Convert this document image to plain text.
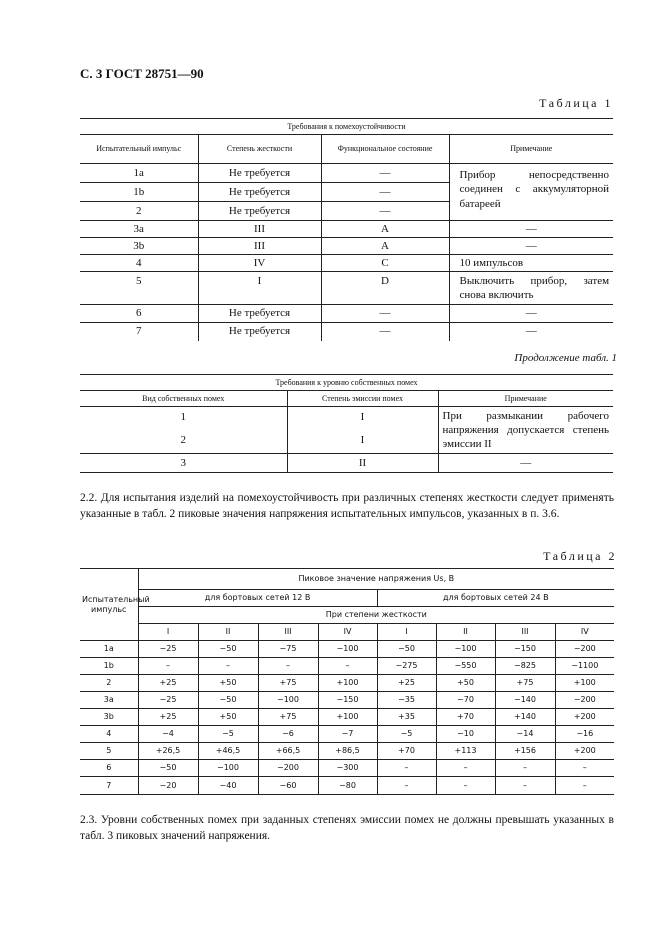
С. 3 ГОСТ 28751—90
Таблица 1
Требования к помехоустойчивости			
Испытательный импульс	Степень жесткости	Функциональное состояние	Примечание
1a	Не требуется	—	Прибор непосредственно соединен с аккумуляторной батареей
1b	Не требуется	—	
2	Не требуется	—	
3a	III	A	—
3b	III	A	—
4	IV	C	10 импульсов
5	I	D	Выключить прибор, затем снова включить
6	Не требуется	—	—
7	Не требуется	—	—
Продолжение табл. 1
Требования к уровню собственных помех		
Вид собственных помех	Степень эмиссии помех	Примечание
1	I	При размыкании рабочего напряжения допускается степень эмиссии II
2	I	
3	II	—
2.2. Для испытания изделий на помехоустойчивость при различных степенях жесткости следует применять указанные в табл. 2 пиковые значения напряжения испытательных импульсов, указанных в п. 3.6.
Таблица 2
Испытательный импульс	Пиковое значение напряжения Us, В							
	для бортовых сетей 12 В				для бортовых сетей 24 В			
	При степени жесткости							
	I	II	III	IV	I	II	III	IV
1a	−25	−50	−75	−100	−50	−100	−150	−200
1b	–	–	–	–	−275	−550	−825	−1100
2	+25	+50	+75	+100	+25	+50	+75	+100
3a	−25	−50	−100	−150	−35	−70	−140	−200
3b	+25	+50	+75	+100	+35	+70	+140	+200
4	−4	−5	−6	−7	−5	−10	−14	−16
5	+26,5	+46,5	+66,5	+86,5	+70	+113	+156	+200
6	−50	−100	−200	−300	–	–	–	–
7	−20	−40	−60	−80	–	–	–	–
2.3. Уровни собственных помех при заданных степенях эмиссии помех не должны превышать указанных в табл. 3 пиковых значений напряжения.
